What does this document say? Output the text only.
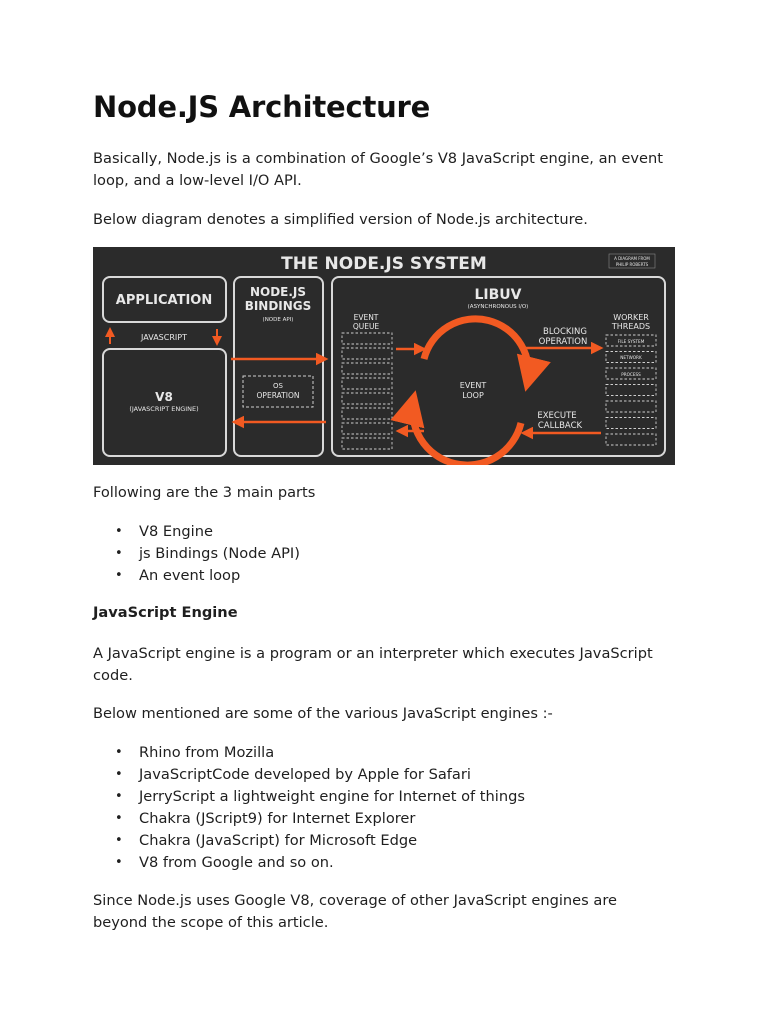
Node.JS Architecture

Basically, Node.js is a combination of Google’s V8 JavaScript engine, an event loop, and a low-level I/O API.

Below diagram denotes a simplified version of Node.js architecture.

Following are the 3 main parts

• V8 Engine
• js Bindings (Node API)
• An event loop

JavaScript Engine

A JavaScript engine is a program or an interpreter which executes JavaScript code.

Below mentioned are some of the various JavaScript engines :-

• Rhino from Mozilla
• JavaScriptCode developed by Apple for Safari
• JerryScript a lightweight engine for Internet of things
• Chakra (JScript9) for Internet Explorer
• Chakra (JavaScript) for Microsoft Edge
• V8 from Google and so on.

Since Node.js uses Google V8, coverage of other JavaScript engines are beyond the scope of this article.

THE NODE.JS SYSTEM	A DIAGRAM FROM
PHILIP ROBERTS
APPLICATION
JAVASCRIPT
V8
(JAVASCRIPT ENGINE)
NODE.JS
BINDINGS
(NODE API)
OS
OPERATION
LIBUV
(ASYNCHRONOUS I/O)
EVENT
QUEUE
EVENT
LOOP
BLOCKING
OPERATION
EXECUTE
CALLBACK
WORKER
THREADS
FILE SYSTEM
NETWORK
PROCESS
